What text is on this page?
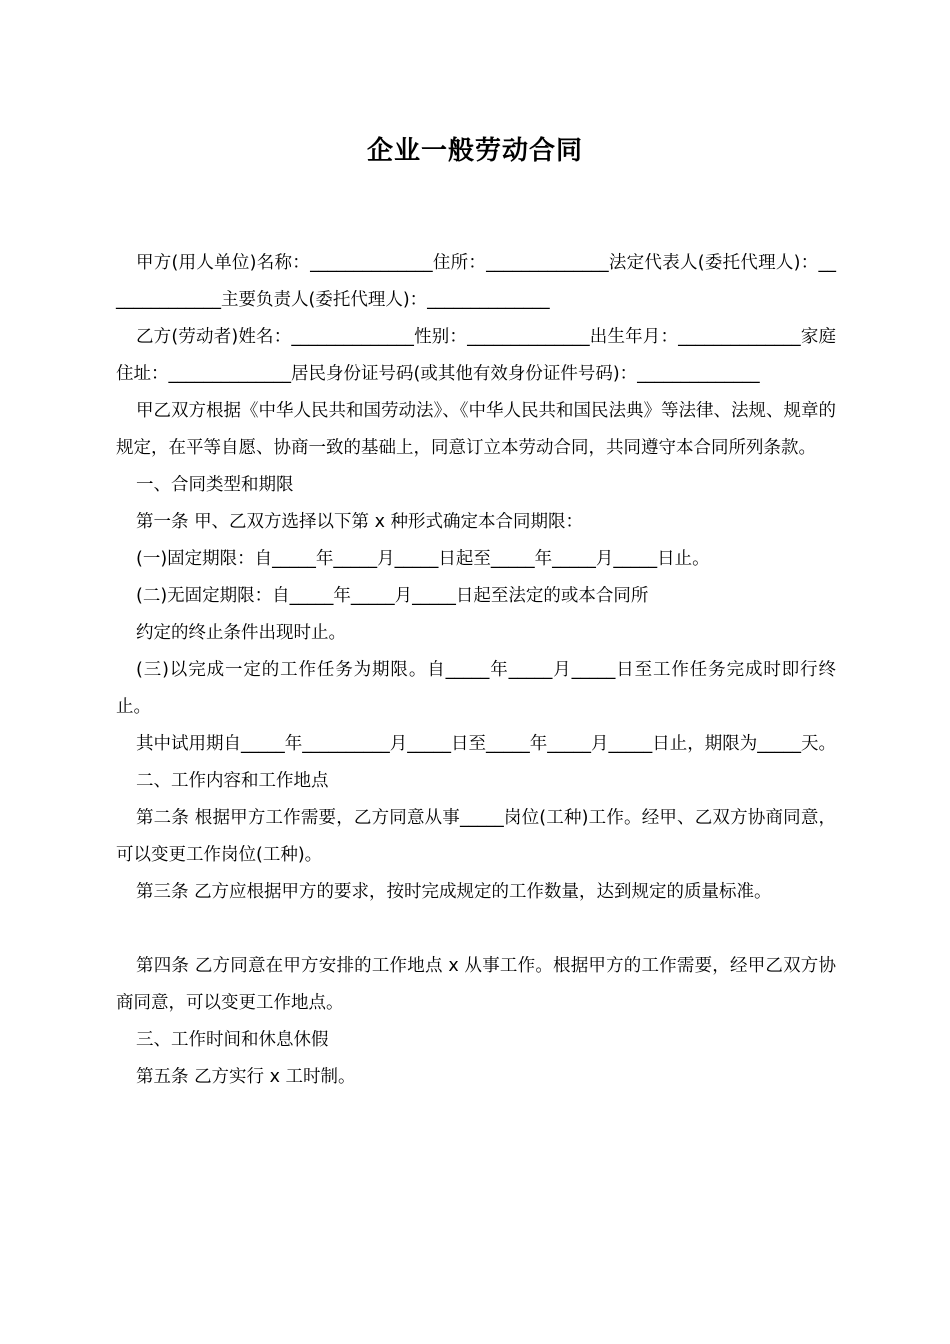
企业一般劳动合同

甲方(用人单位)名称：______________住所：______________法定代表人(委托代理人)：______________主要负责人(委托代理人)：______________

乙方(劳动者)姓名：______________性别：______________出生年月：______________家庭住址：______________居民身份证号码(或其他有效身份证件号码)：______________

甲乙双方根据《中华人民共和国劳动法》、《中华人民共和国民法典》等法律、法规、规章的规定，在平等自愿、协商一致的基础上，同意订立本劳动合同，共同遵守本合同所列条款。

一、合同类型和期限

第一条 甲、乙双方选择以下第 x 种形式确定本合同期限：

(一)固定期限：自_____年_____月_____日起至_____年_____月_____日止。

(二)无固定期限：自_____年_____月_____日起至法定的或本合同所

约定的终止条件出现时止。

(三)以完成一定的工作任务为期限。自_____年_____月_____日至工作任务完成时即行终止。

其中试用期自_____年__________月_____日至_____年_____月_____日止，期限为_____天。

二、工作内容和工作地点

第二条 根据甲方工作需要，乙方同意从事_____岗位(工种)工作。经甲、乙双方协商同意，可以变更工作岗位(工种)。

第三条 乙方应根据甲方的要求，按时完成规定的工作数量，达到规定的质量标准。

第四条 乙方同意在甲方安排的工作地点 x 从事工作。根据甲方的工作需要，经甲乙双方协商同意，可以变更工作地点。

三、工作时间和休息休假

第五条 乙方实行 x 工时制。
